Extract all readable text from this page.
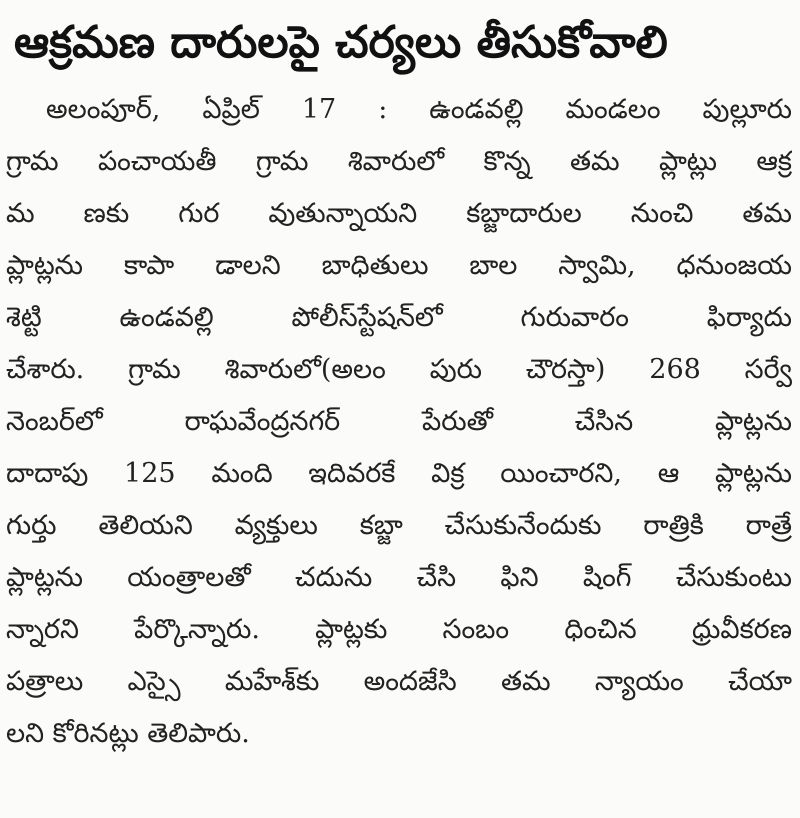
ఆక్రమణ దారులపై చర్యలు తీసుకోవాలి
అలంపూర్, ఏప్రిల్ 17 : ఉండవల్లి మండలం పుల్లూరు
గ్రామ పంచాయతీ గ్రామ శివారులో కొన్న తమ ప్లాట్లు ఆక్ర
మ ణకు గుర వుతున్నాయని కబ్జాదారుల నుంచి తమ
ప్లాట్లను కాపా డాలని బాధితులు బాల స్వామి, ధనుంజయ
శెట్టి ఉండవల్లి పోలీస్‌స్టేషన్‌లో గురువారం ఫిర్యాదు
చేశారు. గ్రామ శివారులో(అలం పురు చౌరస్తా) 268 సర్వే
నెంబర్‌లో రాఘవేంద్రనగర్ పేరుతో చేసిన ప్లాట్లను
దాదాపు 125 మంది ఇదివరకే విక్ర యించారని, ఆ ప్లాట్లను
గుర్తు తెలియని వ్యక్తులు కబ్జా చేసుకునేందుకు రాత్రికి రాత్రే
ప్లాట్లను యంత్రాలతో చదును చేసి ఫిని షింగ్ చేసుకుంటు
న్నారని పేర్కొన్నారు. ప్లాట్లకు సంబం ధించిన ధ్రువీకరణ
పత్రాలు ఎస్సై మహేశ్‌కు అందజేసి తమ న్యాయం చేయా
లని కోరినట్లు తెలిపారు.
